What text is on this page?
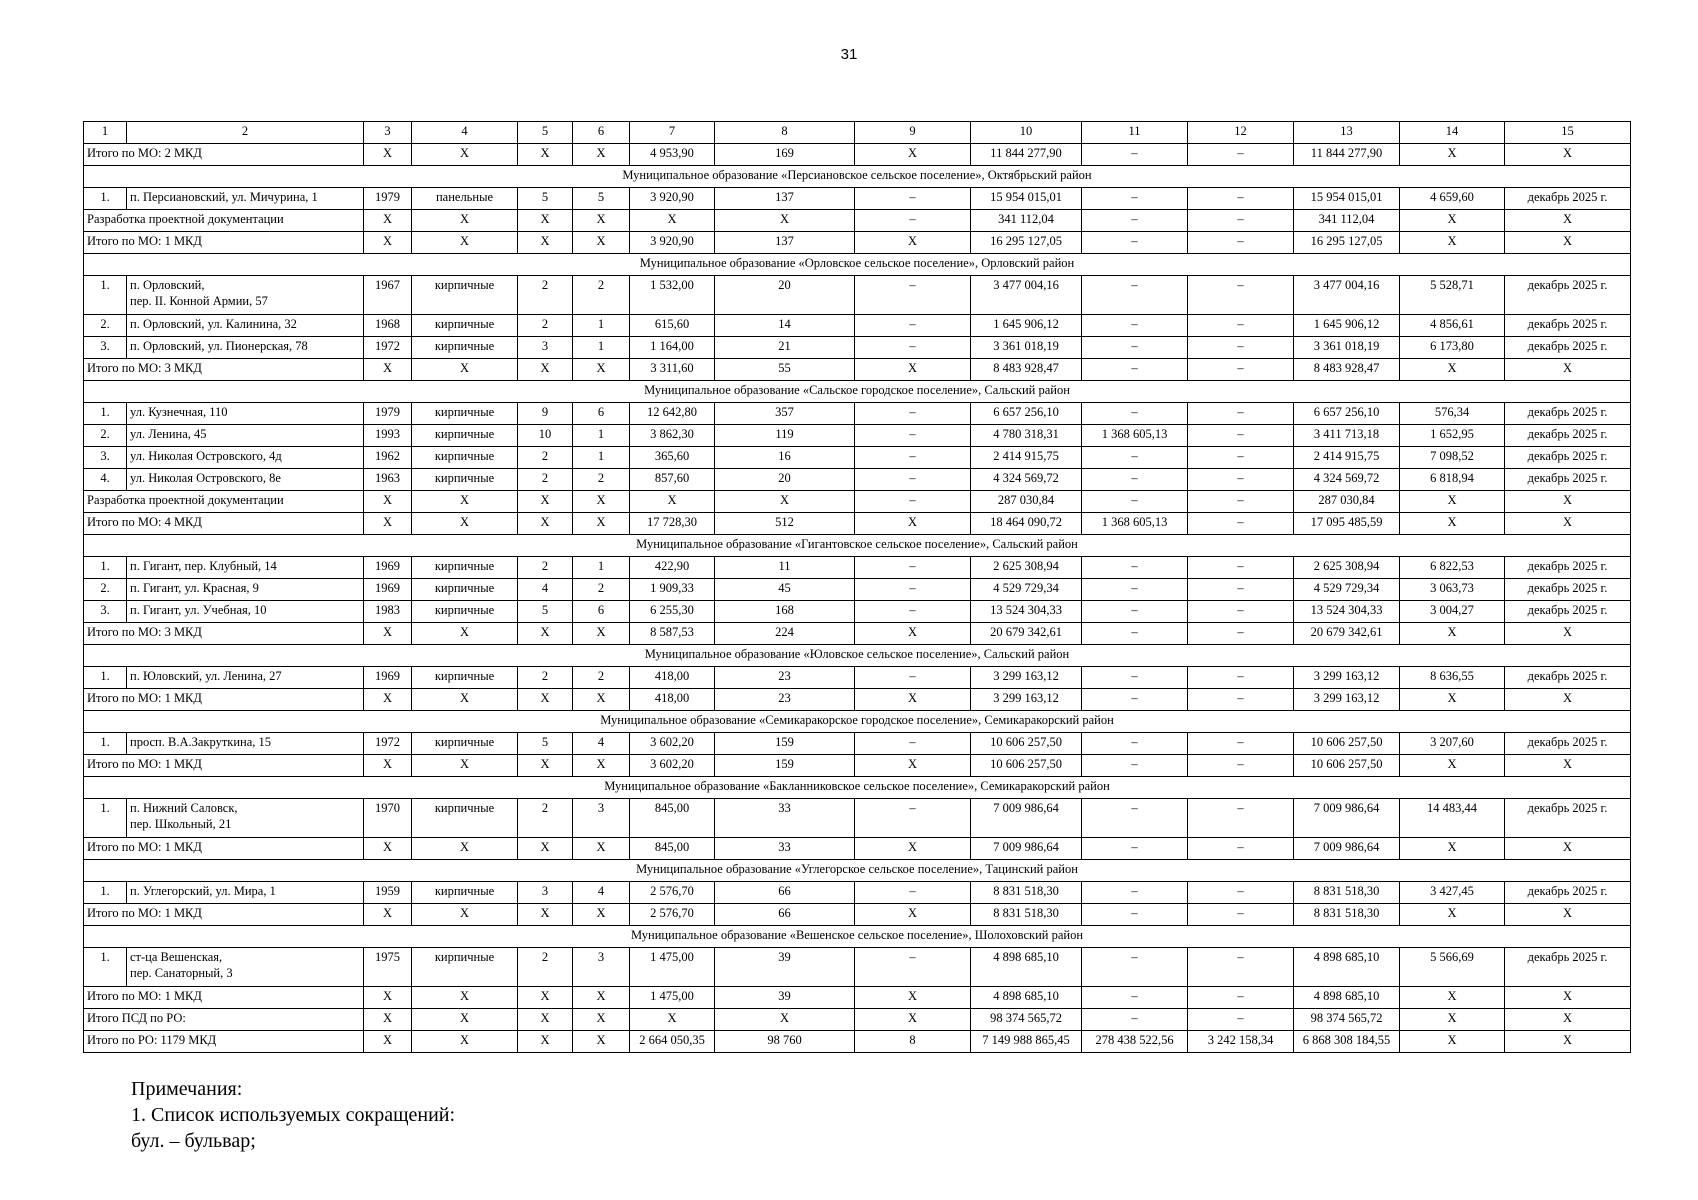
31
1	2	3	4	5	6	7	8	9	10	11	12	13	14	15
Итого по МО: 2 МКД		X	X	X	X	4 953,90	169	X	11 844 277,90	–	–	11 844 277,90	X	X
Муниципальное образование «Персиановское сельское поселение», Октябрьский район														
1.	п. Персиановский, ул. Мичурина, 1	1979	панельные	5	5	3 920,90	137	–	15 954 015,01	–	–	15 954 015,01	4 659,60	декабрь 2025 г.
Разработка проектной документации		X	X	X	X	X	X	–	341 112,04	–	–	341 112,04	X	X
Итого по МО: 1 МКД		X	X	X	X	3 920,90	137	X	16 295 127,05	–	–	16 295 127,05	X	X
Муниципальное образование «Орловское сельское поселение», Орловский район														
1.	п. Орловский,
пер. II. Конной Армии, 57	1967	кирпичные	2	2	1 532,00	20	–	3 477 004,16	–	–	3 477 004,16	5 528,71	декабрь 2025 г.
2.	п. Орловский, ул. Калинина, 32	1968	кирпичные	2	1	615,60	14	–	1 645 906,12	–	–	1 645 906,12	4 856,61	декабрь 2025 г.
3.	п. Орловский, ул. Пионерская, 78	1972	кирпичные	3	1	1 164,00	21	–	3 361 018,19	–	–	3 361 018,19	6 173,80	декабрь 2025 г.
Итого по МО: 3 МКД		X	X	X	X	3 311,60	55	X	8 483 928,47	–	–	8 483 928,47	X	X
Муниципальное образование «Сальское городское поселение», Сальский район														
1.	ул. Кузнечная, 110	1979	кирпичные	9	6	12 642,80	357	–	6 657 256,10	–	–	6 657 256,10	576,34	декабрь 2025 г.
2.	ул. Ленина, 45	1993	кирпичные	10	1	3 862,30	119	–	4 780 318,31	1 368 605,13	–	3 411 713,18	1 652,95	декабрь 2025 г.
3.	ул. Николая Островского, 4д	1962	кирпичные	2	1	365,60	16	–	2 414 915,75	–	–	2 414 915,75	7 098,52	декабрь 2025 г.
4.	ул. Николая Островского, 8е	1963	кирпичные	2	2	857,60	20	–	4 324 569,72	–	–	4 324 569,72	6 818,94	декабрь 2025 г.
Разработка проектной документации		X	X	X	X	X	X	–	287 030,84	–	–	287 030,84	X	X
Итого по МО: 4 МКД		X	X	X	X	17 728,30	512	X	18 464 090,72	1 368 605,13	–	17 095 485,59	X	X
Муниципальное образование «Гигантовское сельское поселение», Сальский район														
1.	п. Гигант, пер. Клубный, 14	1969	кирпичные	2	1	422,90	11	–	2 625 308,94	–	–	2 625 308,94	6 822,53	декабрь 2025 г.
2.	п. Гигант, ул. Красная, 9	1969	кирпичные	4	2	1 909,33	45	–	4 529 729,34	–	–	4 529 729,34	3 063,73	декабрь 2025 г.
3.	п. Гигант, ул. Учебная, 10	1983	кирпичные	5	6	6 255,30	168	–	13 524 304,33	–	–	13 524 304,33	3 004,27	декабрь 2025 г.
Итого по МО: 3 МКД		X	X	X	X	8 587,53	224	X	20 679 342,61	–	–	20 679 342,61	X	X
Муниципальное образование «Юловское сельское поселение», Сальский район														
1.	п. Юловский, ул. Ленина, 27	1969	кирпичные	2	2	418,00	23	–	3 299 163,12	–	–	3 299 163,12	8 636,55	декабрь 2025 г.
Итого по МО: 1 МКД		X	X	X	X	418,00	23	X	3 299 163,12	–	–	3 299 163,12	X	X
Муниципальное образование «Семикаракорское городское поселение», Семикаракорский район														
1.	просп. В.А.Закруткина, 15	1972	кирпичные	5	4	3 602,20	159	–	10 606 257,50	–	–	10 606 257,50	3 207,60	декабрь 2025 г.
Итого по МО: 1 МКД		X	X	X	X	3 602,20	159	X	10 606 257,50	–	–	10 606 257,50	X	X
Муниципальное образование «Бакланниковское сельское поселение», Семикаракорский район														
1.	п. Нижний Саловск,
пер. Школьный, 21	1970	кирпичные	2	3	845,00	33	–	7 009 986,64	–	–	7 009 986,64	14 483,44	декабрь 2025 г.
Итого по МО: 1 МКД		X	X	X	X	845,00	33	X	7 009 986,64	–	–	7 009 986,64	X	X
Муниципальное образование «Углегорское сельское поселение», Тацинский район														
1.	п. Углегорский, ул. Мира, 1	1959	кирпичные	3	4	2 576,70	66	–	8 831 518,30	–	–	8 831 518,30	3 427,45	декабрь 2025 г.
Итого по МО: 1 МКД		X	X	X	X	2 576,70	66	X	8 831 518,30	–	–	8 831 518,30	X	X
Муниципальное образование «Вешенское сельское поселение», Шолоховский район														
1.	ст-ца Вешенская,
пер. Санаторный, 3	1975	кирпичные	2	3	1 475,00	39	–	4 898 685,10	–	–	4 898 685,10	5 566,69	декабрь 2025 г.
Итого по МО: 1 МКД		X	X	X	X	1 475,00	39	X	4 898 685,10	–	–	4 898 685,10	X	X
Итого ПСД по РО:		X	X	X	X	X	X	X	98 374 565,72	–	–	98 374 565,72	X	X
Итого по РО: 1179 МКД		X	X	X	X	2 664 050,35	98 760	8	7 149 988 865,45	278 438 522,56	3 242 158,34	6 868 308 184,55	X	X
Примечания:
1. Список используемых сокращений:
бул. – бульвар;
